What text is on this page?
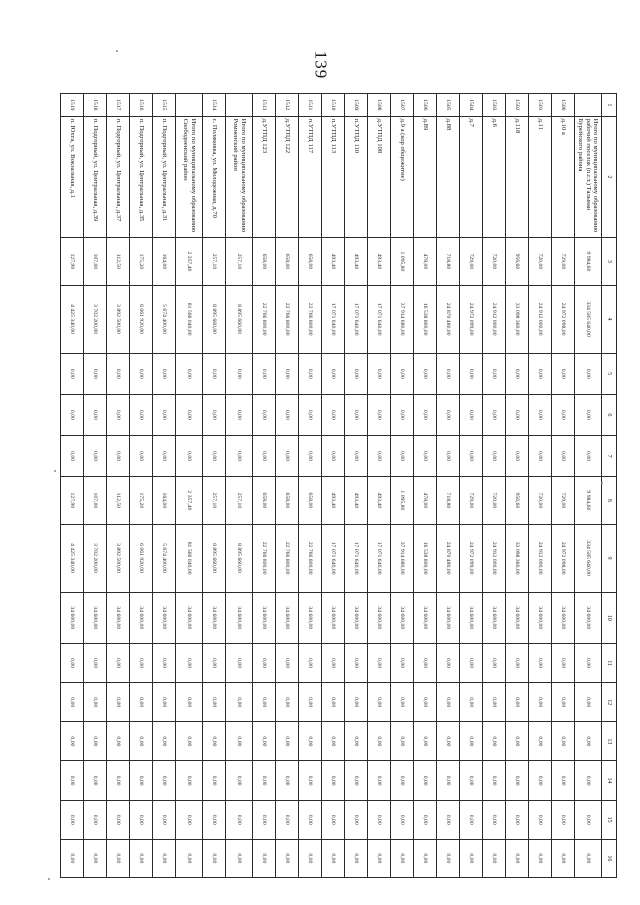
139
1	2	3	4	5	6	7	8	9	10	11	12	13	14	15	16
	Итого по муниципальному образованию рабочий поселок (п.г.т.) Тальман Бурейского района	9 984,60	334 585 640,00	0,00	0,00	0,00	9 984,60	334 585 640,00	34 600,00	0,00	0,00	0,00	0,00	0,00	0,00
1500	д.10 а	729,00	24 972 098,00	0,00	0,00	0,00	729,00	24 972 098,00	34 600,00	0,00	0,00	0,00	0,00	0,00	0,00
1501	д.11	720,00	24 912 000,00	0,00	0,00	0,00	720,00	24 912 000,00	34 600,00	0,00	0,00	0,00	0,00	0,00	0,00
1502	д.118	956,60	33 098 360,00	0,00	0,00	0,00	956,60	33 098 360,00	34 600,00	0,00	0,00	0,00	0,00	0,00	0,00
1503	д.6	720,00	24 912 000,00	0,00	0,00	0,00	720,00	24 912 000,00	34 600,00	0,00	0,00	0,00	0,00	0,00	0,00
1504	д.7	729,00	24 972 099,00	0,00	0,00	0,00	729,00	24 972 099,00	34 600,00	0,00	0,00	0,00	0,00	0,00	0,00
1505	д.88	718,80	24 870 480,00	0,00	0,00	0,00	718,80	24 870 480,00	34 600,00	0,00	0,00	0,00	0,00	0,00	0,00
1506	д.89	478,00	16 538 800,00	0,00	0,00	0,00	478,00	16 538 800,00	34 600,00	0,00	0,00	0,00	0,00	0,00	0,00
1507	д.9 а (кор общежитие)	1 095,80	37 914 680,00	0,00	0,00	0,00	1 095,80	37 914 680,00	34 600,00	0,00	0,00	0,00	0,00	0,00	0,00
1508	д.УТПД 108	493,40	17 071 640,00	0,00	0,00	0,00	493,40	17 071 640,00	34 600,00	0,00	0,00	0,00	0,00	0,00	0,00
1509	п.УТПД 110	493,40	17 071 640,00	0,00	0,00	0,00	493,40	17 071 640,00	34 600,00	0,00	0,00	0,00	0,00	0,00	0,00
1510	п.УТПД 113	493,40	17 071 640,00	0,00	0,00	0,00	493,40	17 071 640,00	34 600,00	0,00	0,00	0,00	0,00	0,00	0,00
1511	п.УТПД 117	658,00	22 766 800,00	0,00	0,00	0,00	658,00	22 766 800,00	34 600,00	0,00	0,00	0,00	0,00	0,00	0,00
1512	д.УТПД 122	658,00	22 766 800,00	0,00	0,00	0,00	658,00	22 766 800,00	34 600,00	0,00	0,00	0,00	0,00	0,00	0,00
1513	д.УТПД 123	658,00	22 766 800,00	0,00	0,00	0,00	658,00	22 766 800,00	34 600,00	0,00	0,00	0,00	0,00	0,00	0,00
	Итого по муниципальному образованию Ромненский район	257,10	8 895 660,00	0,00	0,00	0,00	257,10	8 895 660,00	34 600,00	0,00	0,00	0,00	0,00	0,00	0,00
1514	с. Поляковка, ул. Молодежная, д.70	257,10	8 895 660,00	0,00	0,00	0,00	257,10	8 895 660,00	34 600,00	0,00	0,00	0,00	0,00	0,00	0,00
	Итого по муниципальному образованию Свободненский район	2 357,40	81 566 040,00	0,00	0,00	0,00	2 357,40	81 566 040,00	34 600,00	0,00	0,00	0,00	0,00	0,00	0,00
1515	п. Подгорный, ул. Центральная, д.31	164,00	5 674 400,00	0,00	0,00	0,00	164,00	5 674 400,00	34 600,00	0,00	0,00	0,00	0,00	0,00	0,00
1516	п. Подгорный, ул. Центральная, д.35	175,20	6 061 920,00	0,00	0,00	0,00	175,20	6 061 920,00	34 600,00	0,00	0,00	0,00	0,00	0,00	0,00
1517	п. Подгорный, ул. Центральная, д.37	112,50	3 892 500,00	0,00	0,00	0,00	112,50	3 892 500,00	34 600,00	0,00	0,00	0,00	0,00	0,00	0,00
1518	п. Подгорный, ул. Центральная, д.39	107,00	3 702 200,00	0,00	0,00	0,00	107,00	3 702 200,00	34 600,00	0,00	0,00	0,00	0,00	0,00	0,00
1519	п. Юхта, ул. Вокзальная, д.1	127,90	4 425 340,00	0,00	0,00	0,00	127,90	4 425 340,00	34 600,00	0,00	0,00	0,00	0,00	0,00	0,00
